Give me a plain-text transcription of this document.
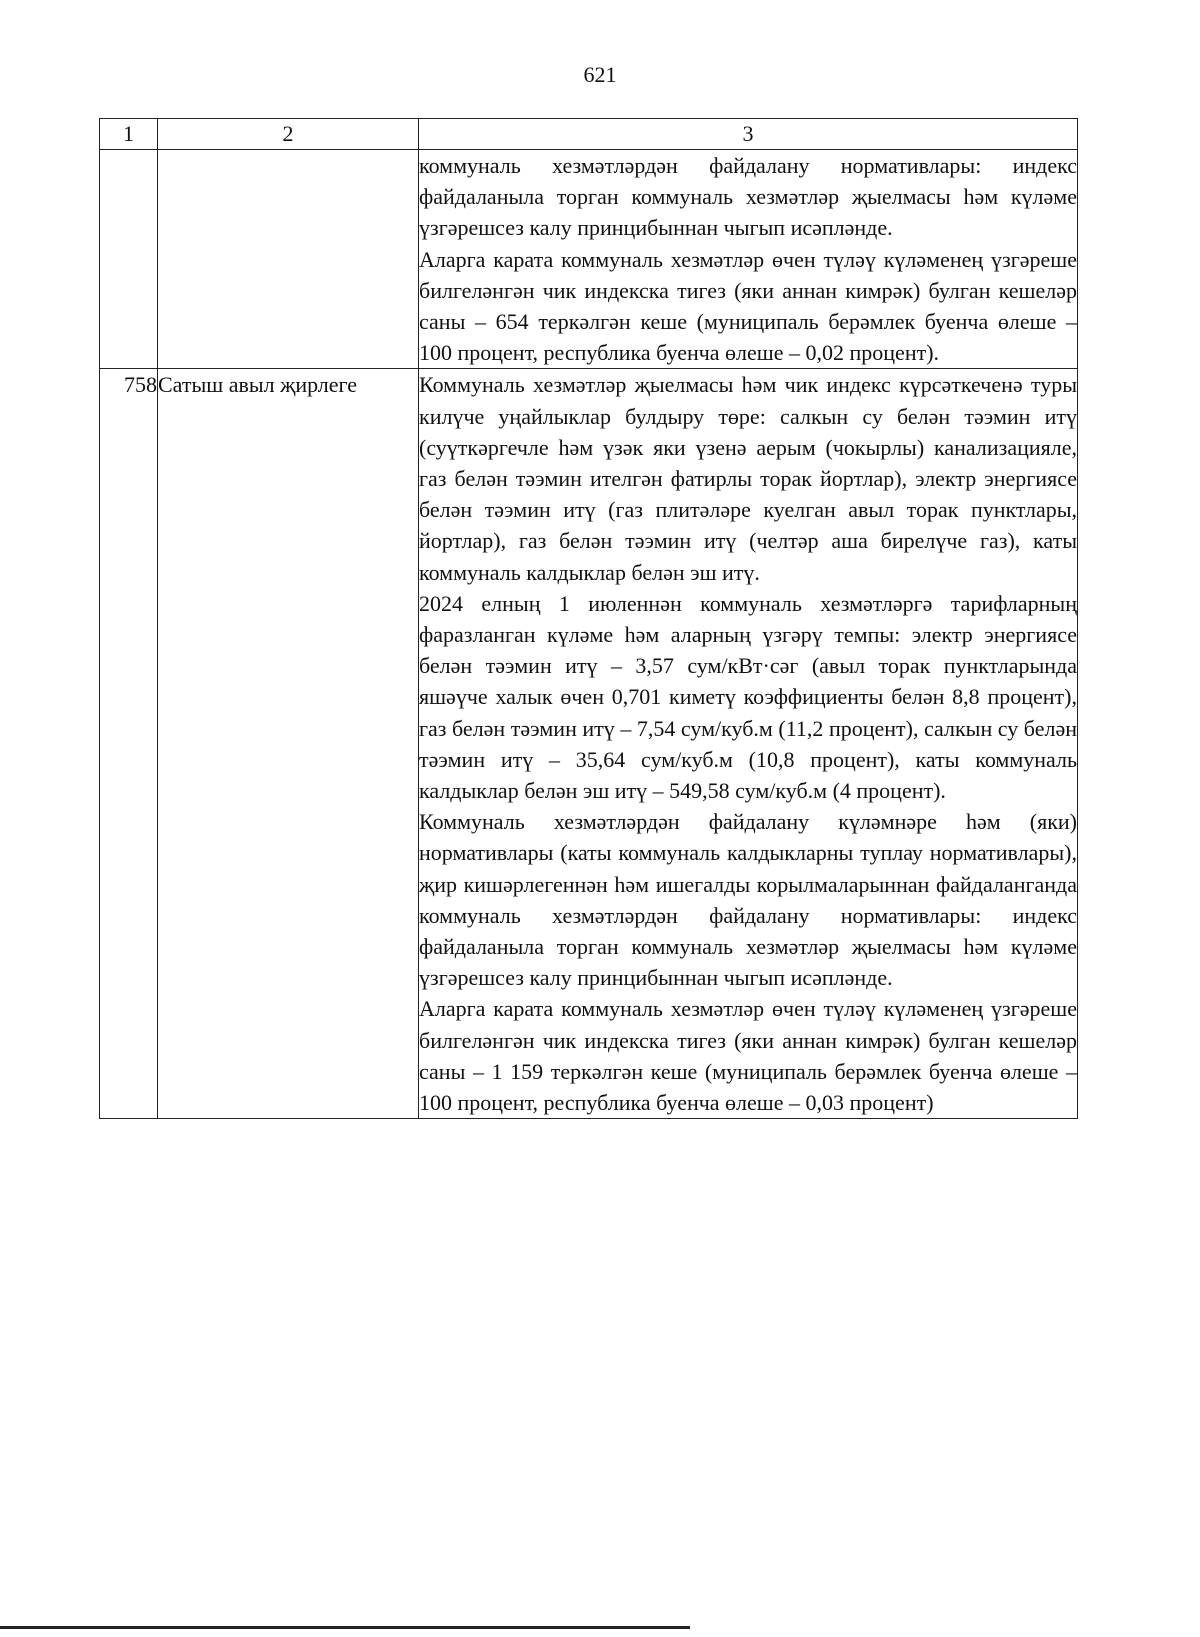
621
1	2	3

		коммуналь хезмәтләрдән файдалану нормативлары: индекс файдаланыла торган коммуналь хезмәтләр җыелмасы һәм күләме үзгәрешсез калу принцибыннан чыгып исәпләнде.

Аларга карата коммуналь хезмәтләр өчен түләү күләменең үзгәреше билгеләнгән чик индекска тигез (яки аннан кимрәк) булган кешеләр саны – 654 теркәлгән кеше (муниципаль берәмлек буенча өлеше – 100 процент, республика буенча өлеше – 0,02 процент).

758	Сатыш авыл җирлеге	Коммуналь хезмәтләр җыелмасы һәм чик индекс күрсәткеченә туры килүче уңайлыклар булдыру төре: салкын су белән тәэмин итү (суүткәргечле һәм үзәк яки үзенә аерым (чокырлы) канализацияле, газ белән тәэмин ителгән фатирлы торак йортлар), электр энергиясе белән тәэмин итү (газ плитәләре куелган авыл торак пунктлары, йортлар), газ белән тәэмин итү (челтәр аша бирелүче газ), каты коммуналь калдыклар белән эш итү.

2024 елның 1 июленнән коммуналь хезмәтләргә тарифларның фаразланган күләме һәм аларның үзгәрү темпы: электр энергиясе белән тәэмин итү – 3,57 сум/кВт·сәг (авыл торак пунктларында яшәүче халык өчен 0,701 киметү коэффициенты белән 8,8 процент), газ белән тәэмин итү – 7,54 сум/куб.м (11,2 процент), салкын су белән тәэмин итү – 35,64 сум/куб.м (10,8 процент), каты коммуналь калдыклар белән эш итү – 549,58 сум/куб.м (4 процент).

Коммуналь хезмәтләрдән файдалану күләмнәре һәм (яки) нормативлары (каты коммуналь калдыкларны туплау нормативлары), җир кишәрлегеннән һәм ишегалды корылмаларыннан файдаланганда коммуналь хезмәтләрдән файдалану нормативлары: индекс файдаланыла торган коммуналь хезмәтләр җыелмасы һәм күләме үзгәрешсез калу принцибыннан чыгып исәпләнде.

Аларга карата коммуналь хезмәтләр өчен түләү күләменең үзгәреше билгеләнгән чик индекска тигез (яки аннан кимрәк) булган кешеләр саны – 1 159 теркәлгән кеше (муниципаль берәмлек буенча өлеше – 100 процент, республика буенча өлеше – 0,03 процент)
